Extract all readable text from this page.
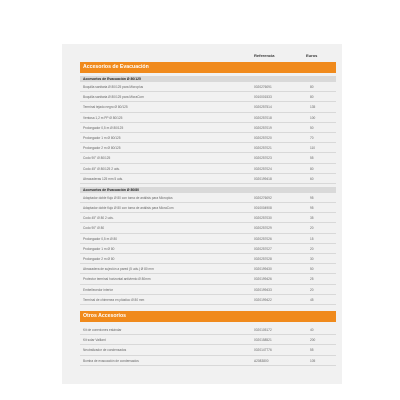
Referencia	Euros
Accesorios de Evacuación
Accesorios de Evacuación Ø 80/125
Boquilla sanitaria Ø 80/125 para Microplus	0020276091	80
Boquilla sanitaria Ø 80/125 para MicraCom	0010001533	80
Terminal tejado negro Ø 80/125	0020257514	135
Ventosa 1,2 m PP Ø 80/125	0020257018	100
Prolongador 0,5 m Ø 80/125	0020257019	50
Prolongador 1 m Ø 80/125	0020257020	70
Prolongador 2 m Ø 80/125	0020257021	110
Codo 90° Ø 80/125	0020257023	55
Codo 45° Ø 80/125 2 uds.	0020257024	80
Abrazaderas 125 mm 5 uds.	0020199418	60
Accesorios de Evacuación Ø 80/80
Adaptador doble flujo Ø 80 con toma de análisis para Microplus	0020276092	95
Adaptador doble flujo Ø 80 con toma de análisis para MicraCom	0010004908	95
Codo 45° Ø 80 2 uds.	0020257030	35
Codo 90° Ø 80	0020257029	20
Prolongador 0,5 m Ø 80	0020257026	15
Prolongador 1 m Ø 80	0020257027	20
Prolongador 2 m Ø 80	0020257028	30
Abrazadera de sujeción a pared (5 uds.) Ø 80 mm	0020199430	50
Protector terminal horizontal antiviento Ø 80mm	0020199426	25
Embellecedor interior	0020199433	20
Terminal de chimenea en plástico Ø 80 mm	0020199422	45
Otros Accesorios
Kit de conexiones estándar	0020105172	40
Kit solar Vaillant	0020158521	200
Neutralizador de condensados	0020147776	55
Bomba de evacuación de condensados	A2083800	105
